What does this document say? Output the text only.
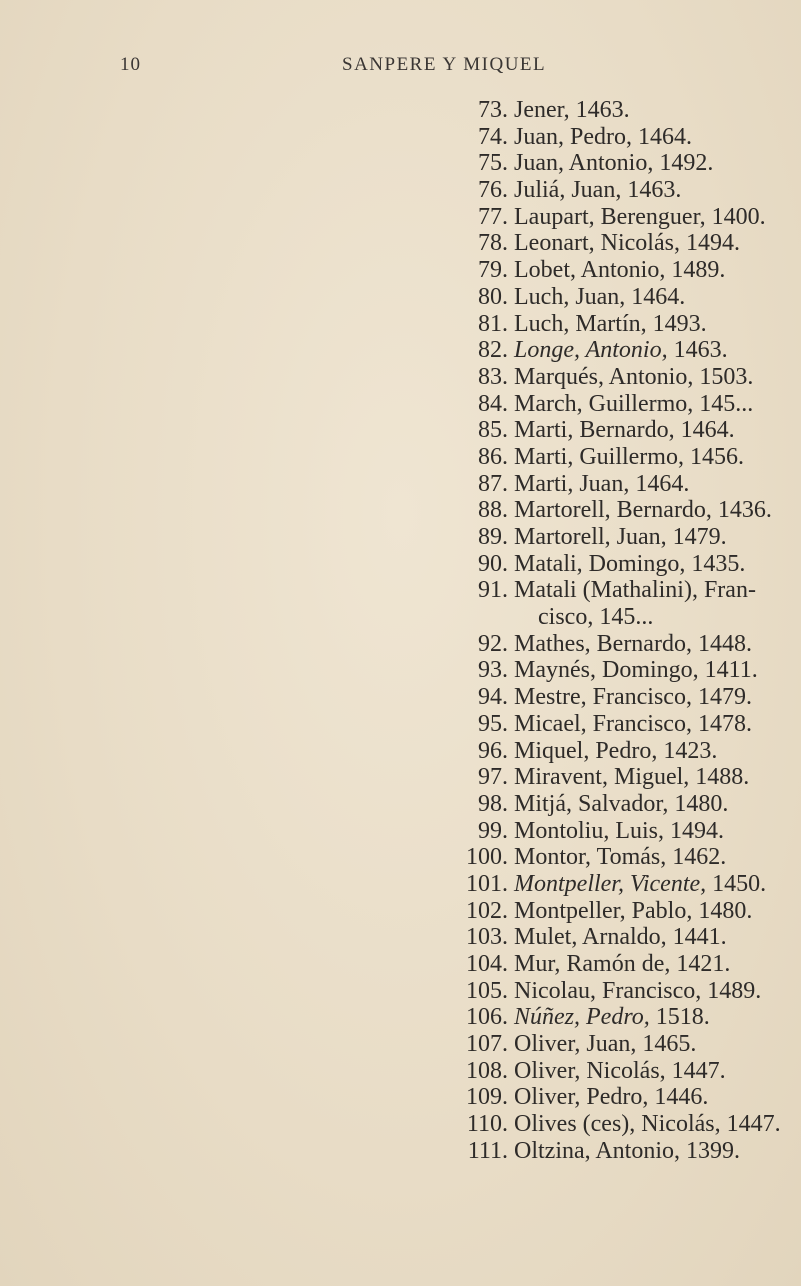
10	SANPERE Y MIQUEL
73. Jener, 1463.
74. Juan, Pedro, 1464.
75. Juan, Antonio, 1492.
76. Juliá, Juan, 1463.
77. Laupart, Berenguer, 1400.
78. Leonart, Nicolás, 1494.
79. Lobet, Antonio, 1489.
80. Luch, Juan, 1464.
81. Luch, Martín, 1493.
82. Longe, Antonio, 1463.
83. Marqués, Antonio, 1503.
84. March, Guillermo, 145...
85. Marti, Bernardo, 1464.
86. Marti, Guillermo, 1456.
87. Marti, Juan, 1464.
88. Martorell, Bernardo, 1436.
89. Martorell, Juan, 1479.
90. Matali, Domingo, 1435.
91. Matali (Mathalini), Fran-
cisco, 145...
92. Mathes, Bernardo, 1448.
93. Maynés, Domingo, 1411.
94. Mestre, Francisco, 1479.
95. Micael, Francisco, 1478.
96. Miquel, Pedro, 1423.
97. Miravent, Miguel, 1488.
98. Mitjá, Salvador, 1480.
99. Montoliu, Luis, 1494.
100. Montor, Tomás, 1462.
101. Montpeller, Vicente, 1450.
102. Montpeller, Pablo, 1480.
103. Mulet, Arnaldo, 1441.
104. Mur, Ramón de, 1421.
105. Nicolau, Francisco, 1489.
106. Núñez, Pedro, 1518.
107. Oliver, Juan, 1465.
108. Oliver, Nicolás, 1447.
109. Oliver, Pedro, 1446.
110. Olives (ces), Nicolás, 1447.
111. Oltzina, Antonio, 1399.
